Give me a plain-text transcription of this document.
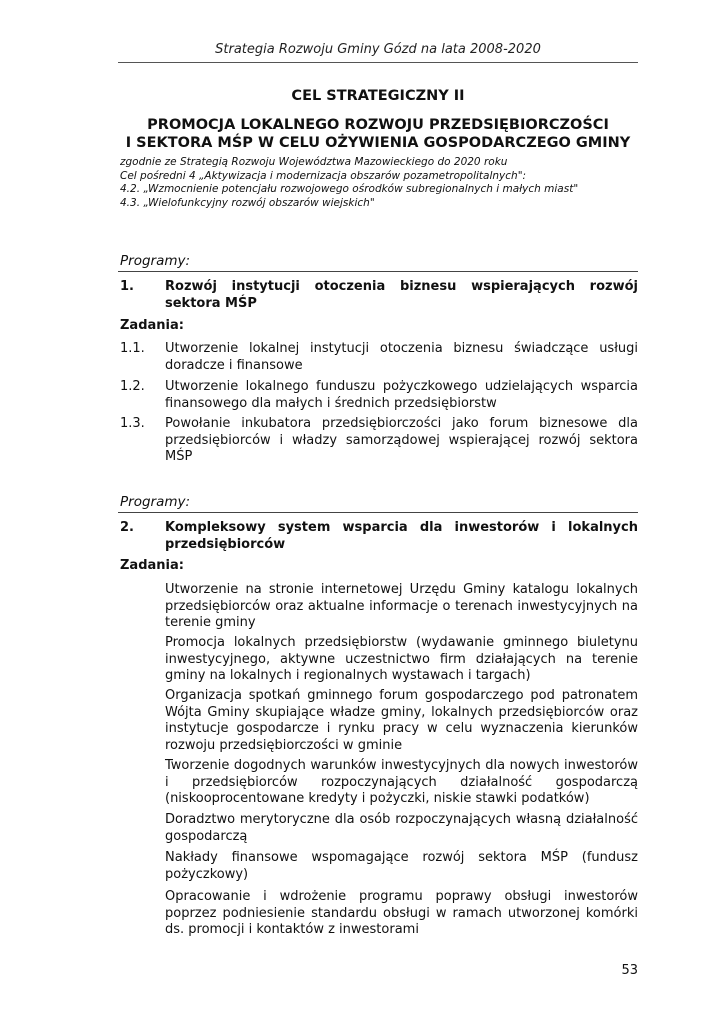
Strategia Rozwoju Gminy Gózd na lata 2008-2020
CEL STRATEGICZNY II
PROMOCJA LOKALNEGO ROZWOJU PRZEDSIĘBIORCZOŚCI
I SEKTORA MŚP W CELU OŻYWIENIA GOSPODARCZEGO GMINY
zgodnie ze Strategią Rozwoju Województwa Mazowieckiego do 2020 roku
Cel pośredni 4 „Aktywizacja i modernizacja obszarów pozametropolitalnych":
4.2. „Wzmocnienie potencjału rozwojowego ośrodków subregionalnych i małych miast"
4.3. „Wielofunkcyjny rozwój obszarów wiejskich"
Programy:
1. Rozwój instytucji otoczenia biznesu wspierających rozwój sektora MŚP
Zadania:
1.1. Utworzenie lokalnej instytucji otoczenia biznesu świadczące usługi doradcze i finansowe
1.2. Utworzenie lokalnego funduszu pożyczkowego udzielających wsparcia finansowego dla małych i średnich przedsiębiorstw
1.3. Powołanie inkubatora przedsiębiorczości jako forum biznesowe dla przedsiębiorców i władzy samorządowej wspierającej rozwój sektora MŚP
Programy:
2. Kompleksowy system wsparcia dla inwestorów i lokalnych przedsiębiorców
Zadania:
Utworzenie na stronie internetowej Urzędu Gminy katalogu lokalnych przedsiębiorców oraz aktualne informacje o terenach inwestycyjnych na terenie gminy
Promocja lokalnych przedsiębiorstw (wydawanie gminnego biuletynu inwestycyjnego, aktywne uczestnictwo firm działających na terenie gminy na lokalnych i regionalnych wystawach i targach)
Organizacja spotkań gminnego forum gospodarczego pod patronatem Wójta Gminy skupiające władze gminy, lokalnych przedsiębiorców oraz instytucje gospodarcze i rynku pracy w celu wyznaczenia kierunków rozwoju przedsiębiorczości w gminie
Tworzenie dogodnych warunków inwestycyjnych dla nowych inwestorów i przedsiębiorców rozpoczynających działalność gospodarczą (niskooprocentowane kredyty i pożyczki, niskie stawki podatków)
Doradztwo merytoryczne dla osób rozpoczynających własną działalność gospodarczą
Nakłady finansowe wspomagające rozwój sektora MŚP (fundusz pożyczkowy)
Opracowanie i wdrożenie programu poprawy obsługi inwestorów poprzez podniesienie standardu obsługi w ramach utworzonej komórki ds. promocji i kontaktów z inwestorami
53
